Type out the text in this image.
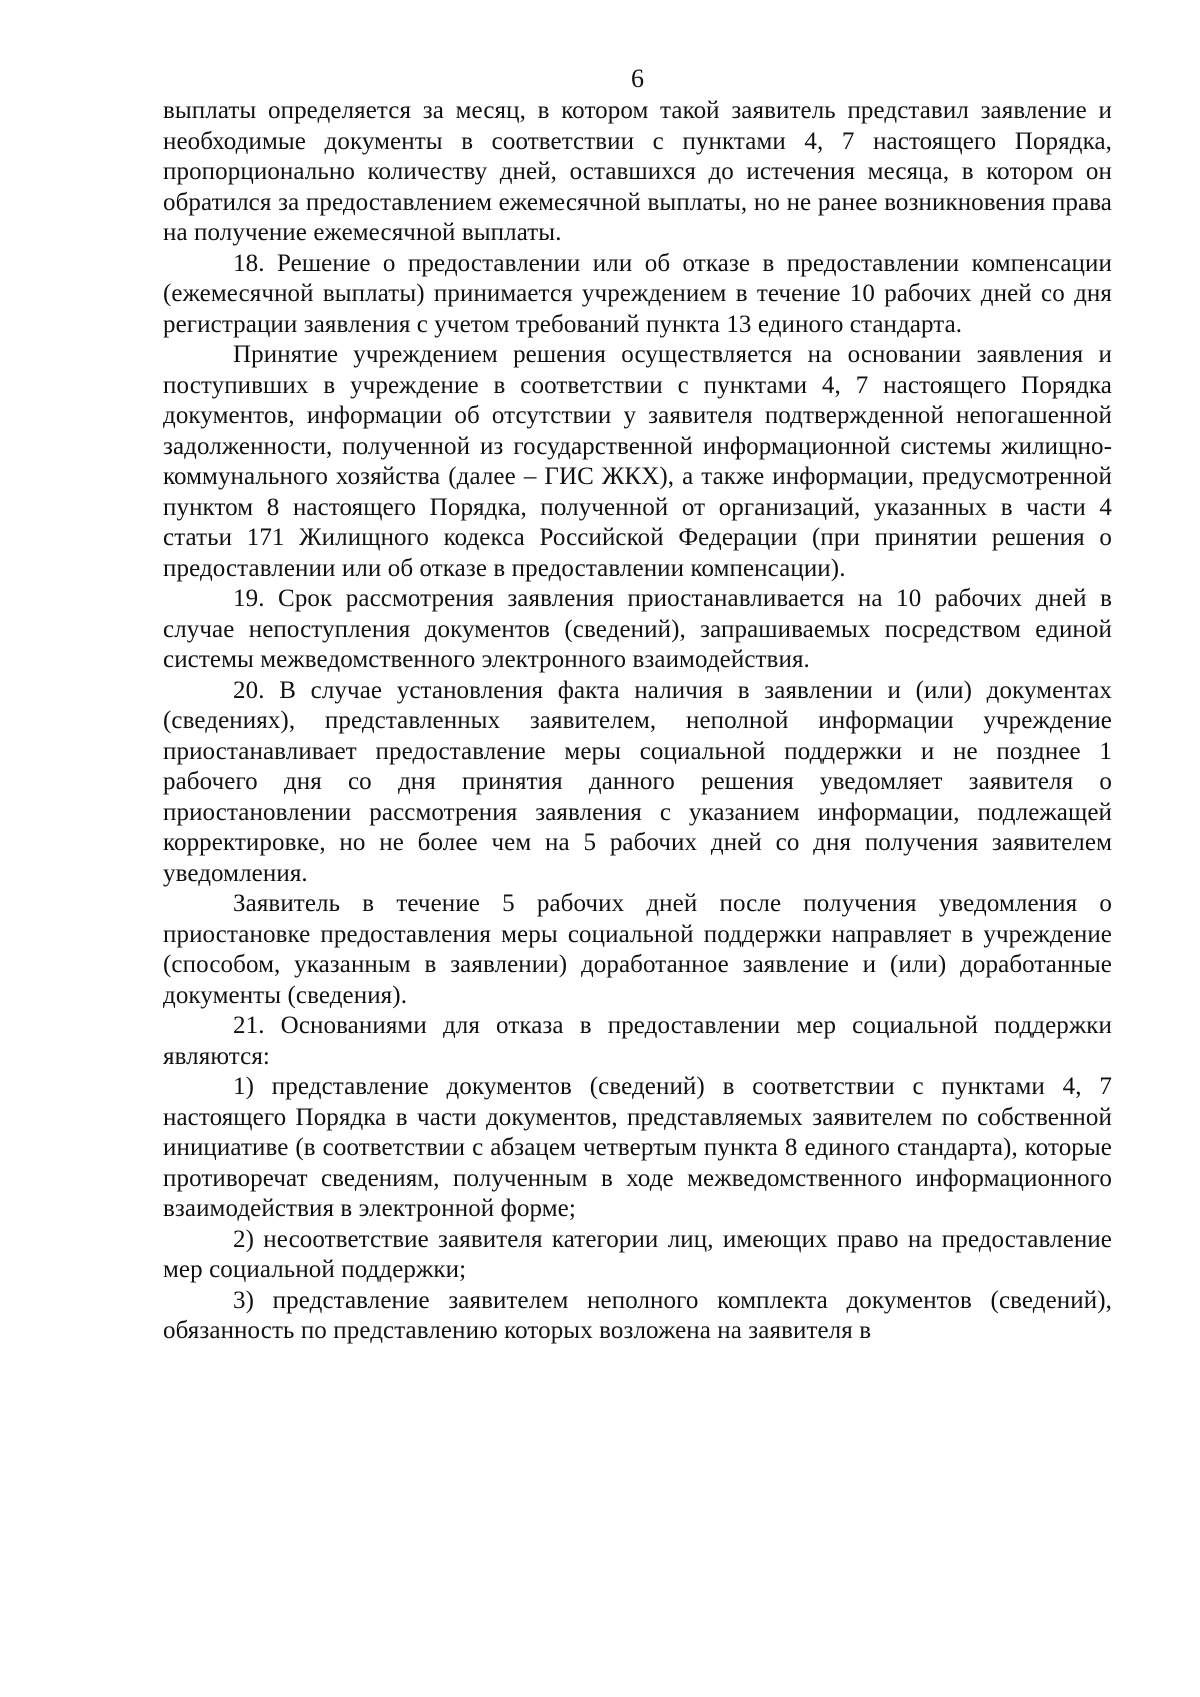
6

выплаты определяется за месяц, в котором такой заявитель представил заявление и необходимые документы в соответствии с пунктами 4, 7 настоящего Порядка, пропорционально количеству дней, оставшихся до истечения месяца, в котором он обратился за предоставлением ежемесячной выплаты, но не ранее возникновения права на получение ежемесячной выплаты.

18. Решение о предоставлении или об отказе в предоставлении компенсации (ежемесячной выплаты) принимается учреждением в течение 10 рабочих дней со дня регистрации заявления с учетом требований пункта 13 единого стандарта.

Принятие учреждением решения осуществляется на основании заявления и поступивших в учреждение в соответствии с пунктами 4, 7 настоящего Порядка документов, информации об отсутствии у заявителя подтвержденной непогашенной задолженности, полученной из государственной информационной системы жилищно-коммунального хозяйства (далее – ГИС ЖКХ), а также информации, предусмотренной пунктом 8 настоящего Порядка, полученной от организаций, указанных в части 4 статьи 171 Жилищного кодекса Российской Федерации (при принятии решения о предоставлении или об отказе в предоставлении компенсации).

19. Срок рассмотрения заявления приостанавливается на 10 рабочих дней в случае непоступления документов (сведений), запрашиваемых посредством единой системы межведомственного электронного взаимодействия.

20. В случае установления факта наличия в заявлении и (или) документах (сведениях), представленных заявителем, неполной информации учреждение приостанавливает предоставление меры социальной поддержки и не позднее 1 рабочего дня со дня принятия данного решения уведомляет заявителя о приостановлении рассмотрения заявления с указанием информации, подлежащей корректировке, но не более чем на 5 рабочих дней со дня получения заявителем уведомления.

Заявитель в течение 5 рабочих дней после получения уведомления о приостановке предоставления меры социальной поддержки направляет в учреждение (способом, указанным в заявлении) доработанное заявление и (или) доработанные документы (сведения).

21. Основаниями для отказа в предоставлении мер социальной поддержки являются:

1) представление документов (сведений) в соответствии с пунктами 4, 7 настоящего Порядка в части документов, представляемых заявителем по собственной инициативе (в соответствии с абзацем четвертым пункта 8 единого стандарта), которые противоречат сведениям, полученным в ходе межведомственного информационного взаимодействия в электронной форме;

2) несоответствие заявителя категории лиц, имеющих право на предоставление мер социальной поддержки;

3) представление заявителем неполного комплекта документов (сведений), обязанность по представлению которых возложена на заявителя в
